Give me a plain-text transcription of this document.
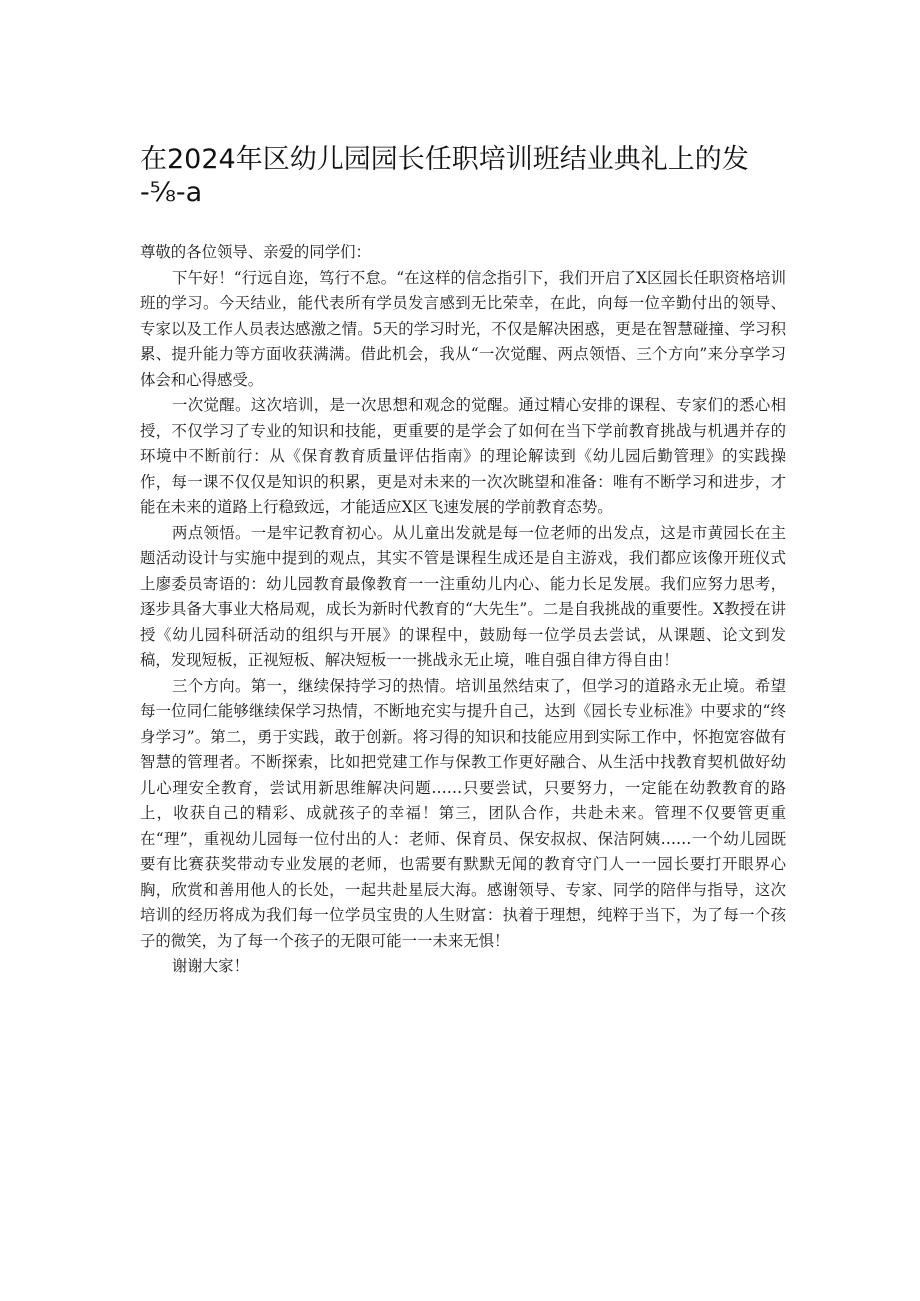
在2024年区幼儿园园长任职培训班结业典礼上的发
-⅝-a

尊敬的各位领导、亲爱的同学们：

下午好！“行远自迩，笃行不怠。“在这样的信念指引下，我们开启了X区园长任职资格培训班的学习。今天结业，能代表所有学员发言感到无比荣幸，在此，向每一位辛勤付出的领导、专家以及工作人员表达感激之情。5天的学习时光，不仅是解决困惑，更是在智慧碰撞、学习积累、提升能力等方面收获满满。借此机会，我从“一次觉醒、两点领悟、三个方向”来分享学习体会和心得感受。

一次觉醒。这次培训，是一次思想和观念的觉醒。通过精心安排的课程、专家们的悉心相授，不仅学习了专业的知识和技能，更重要的是学会了如何在当下学前教育挑战与机遇并存的环境中不断前行：从《保育教育质量评估指南》的理论解读到《幼儿园后勤管理》的实践操作，每一课不仅仅是知识的积累，更是对未来的一次次眺望和准备：唯有不断学习和进步，才能在未来的道路上行稳致远，才能适应X区飞速发展的学前教育态势。

两点领悟。一是牢记教育初心。从儿童出发就是每一位老师的出发点，这是市黄园长在主题活动设计与实施中提到的观点，其实不管是课程生成还是自主游戏，我们都应该像开班仪式上廖委员寄语的：幼儿园教育最像教育一一注重幼儿内心、能力长足发展。我们应努力思考，逐步具备大事业大格局观，成长为新时代教育的“大先生”。二是自我挑战的重要性。X教授在讲授《幼儿园科研活动的组织与开展》的课程中，鼓励每一位学员去尝试，从课题、论文到发稿，发现短板，正视短板、解决短板一一挑战永无止境，唯自强自律方得自由！

三个方向。第一，继续保持学习的热情。培训虽然结束了，但学习的道路永无止境。希望每一位同仁能够继续保学习热情，不断地充实与提升自己，达到《园长专业标准》中要求的“终身学习”。第二，勇于实践，敢于创新。将习得的知识和技能应用到实际工作中，怀抱宽容做有智慧的管理者。不断探索，比如把党建工作与保教工作更好融合、从生活中找教育契机做好幼儿心理安全教育，尝试用新思维解决问题……只要尝试，只要努力，一定能在幼教教育的路上，收获自己的精彩、成就孩子的幸福！第三，团队合作，共赴未来。管理不仅要管更重在“理”，重视幼儿园每一位付出的人：老师、保育员、保安叔叔、保洁阿姨……一个幼儿园既要有比赛获奖带动专业发展的老师，也需要有默默无闻的教育守门人一一园长要打开眼界心胸，欣赏和善用他人的长处，一起共赴星辰大海。感谢领导、专家、同学的陪伴与指导，这次培训的经历将成为我们每一位学员宝贵的人生财富：执着于理想，纯粹于当下，为了每一个孩子的微笑，为了每一个孩子的无限可能一一未来无惧！

谢谢大家！
